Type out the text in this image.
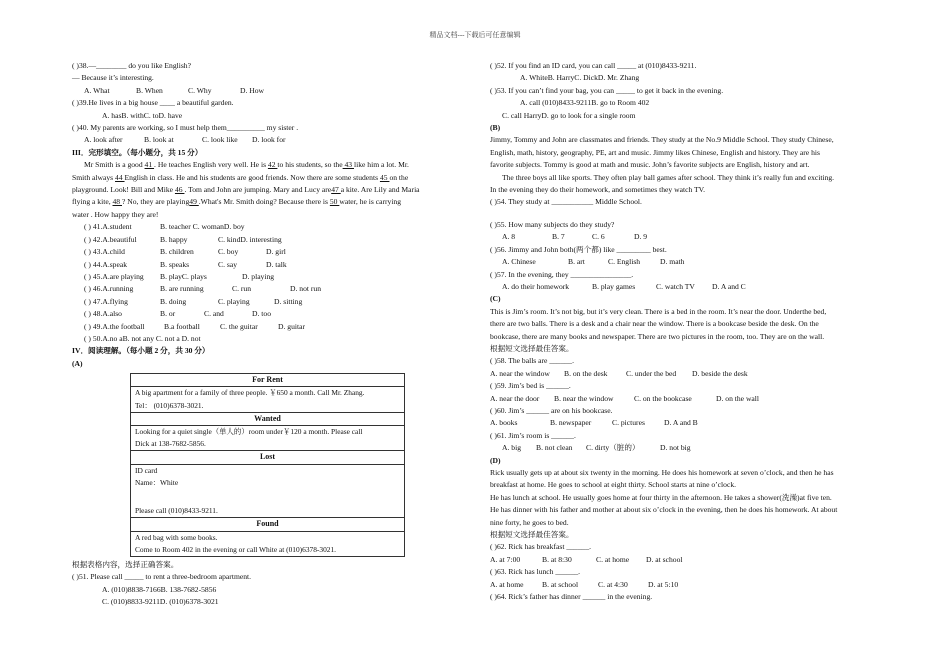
精品文档---下载后可任意编辑
( )38.—________ do you like English?
— Because it’s interesting.
A. What	B. When	C. Why	D. How
( )39.He lives in a big house ____ a beautiful garden.
A. hasB. withC. toD. have
( )40. My parents are working, so I must help them__________ my sister .
A. look after	B. look at	C. look like D. look for
III．完形填空。（每小题分，共 15 分）
Mr Smith is a good 41 . He teaches English very well. He is 42 to his students, so the 43 like him a lot. Mr.
Smith always 44 English in class. He and his students are good friends. Now there are some students 45 on the
playground. Look! Bill and Mike 46 . Tom and John are jumping. Mary and Lucy are47 a kite. Are Lily and Maria
flying a kite, 48 ? No, they are playing49 .What's Mr. Smith doing? Because there is 50 water, he is carrying
water . How happy they are!
( ) 41.A.student	B. teacher C. womanD. boy
( ) 42.A.beautiful	B. happy	C. kindD. interesting
( ) 43.A.child	B. children	C. boy	D. girl
( ) 44.A.speak	B. speaks	C. say	D. talk
( ) 45.A.are playing B. playC. plays	D. playing
( ) 46.A.running	B. are running	C. run	D. not run
( ) 47.A.flying	B. doing	C. playing	D. sitting
( ) 48.A.also	B. or	C. and	D. too
( ) 49.A.the football	B.a football	C. the guitar	D. guitar
( ) 50.A.no aB. not any C. not a D. not
IV．阅读理解。（每小题 2 分，共 30 分）
(A)
For Rent

A big apartment for a family of three people. ￥650 a month. Call Mr. Zhang.
Tel： (010)6378-3021.

Wanted

Looking for a quiet single（单人的）room under￥120 a month. Please call
Dick at 138-7682-5856.

Lost

ID card
Name：White
Please call (010)8433-9211.

Found

A red bag with some books.
Come to Room 402 in the evening or call White at (010)6378-3021.
根据表格内容，选择正确答案。
( )51. Please call _____ to rent a three-bedroom apartment.
A. (010)8838-7166B. 138-7682-5856
C. (010)8833-9211D. (010)6378-3021
( )52. If you find an ID card, you can call _____ at (010)8433-9211.
A. WhiteB. HarryC. DickD. Mr. Zhang
( )53. If you can’t find your bag, you can _____ to get it back in the evening.
A. call (010)8433-9211B. go to Room 402
C. call HarryD. go to look for a single room
(B)
Jimmy, Tommy and John are classmates and friends. They study at the No.9 Middle School. They study Chinese,
English, math, history, geography, PE, art and music. Jimmy likes Chinese, English and history. They are his
favorite subjects. Tommy is good at math and music. John’s favorite subjects are English, history and art.
The three boys all like sports. They often play ball games after school. They think it’s really fun and exciting.
In the evening they do their homework, and sometimes they watch TV.
( )54. They study at ___________ Middle School.
( )55. How many subjects do they study?
A. 8	B. 7	C. 6	D. 9
( )56. Jimmy and John both(两个都) like _________ best.
A. Chinese	B. art	C. English	D. math
( )57. In the evening, they ________________.
A. do their homework	B. play games	C. watch TV D. A and C
(C)
This is Jim’s room. It’s not big, but it’s very clean. There is a bed in the room. It’s near the door. Underthe bed,
there are two balls. There is a desk and a chair near the window. There is a bookcase beside the desk. On the
bookcase, there are many books and newspaper. There are two pictures in the room, too. They are on the wall.
根据短文选择最佳答案。
( )58. The balls are ______.
A. near the window B. on the desk C. under the bed D. beside the desk
( )59. Jim’s bed is ______.
A. near the door B. near the window	C. on the bookcase	D. on the wall
( )60. Jim’s ______ are on his bookcase.
A. books	B. newspaper	C. pictures	D. A and B
( )61. Jim’s room is ______.
A. big B. not clean C. dirty（脏的）	D. not big
(D)
Rick usually gets up at about six twenty in the morning. He does his homework at seven o’clock, and then he has
breakfast at home. He goes to school at eight thirty. School starts at nine o’clock.
He has lunch at school. He usually goes home at four thirty in the afternoon. He takes a shower(洗澡)at five ten.
He has dinner with his father and mother at about six o’clock in the evening, then he does his homework. At about
nine forty, he goes to bed.
根据短文选择最佳答案。
( )62. Rick has breakfast ______.
A. at 7:00	B. at 8:30	C. at home D. at school
( )63. Rick has lunch ______.
A. at home B. at school	C. at 4:30	D. at 5:10
( )64. Rick’s father has dinner ______ in the evening.
